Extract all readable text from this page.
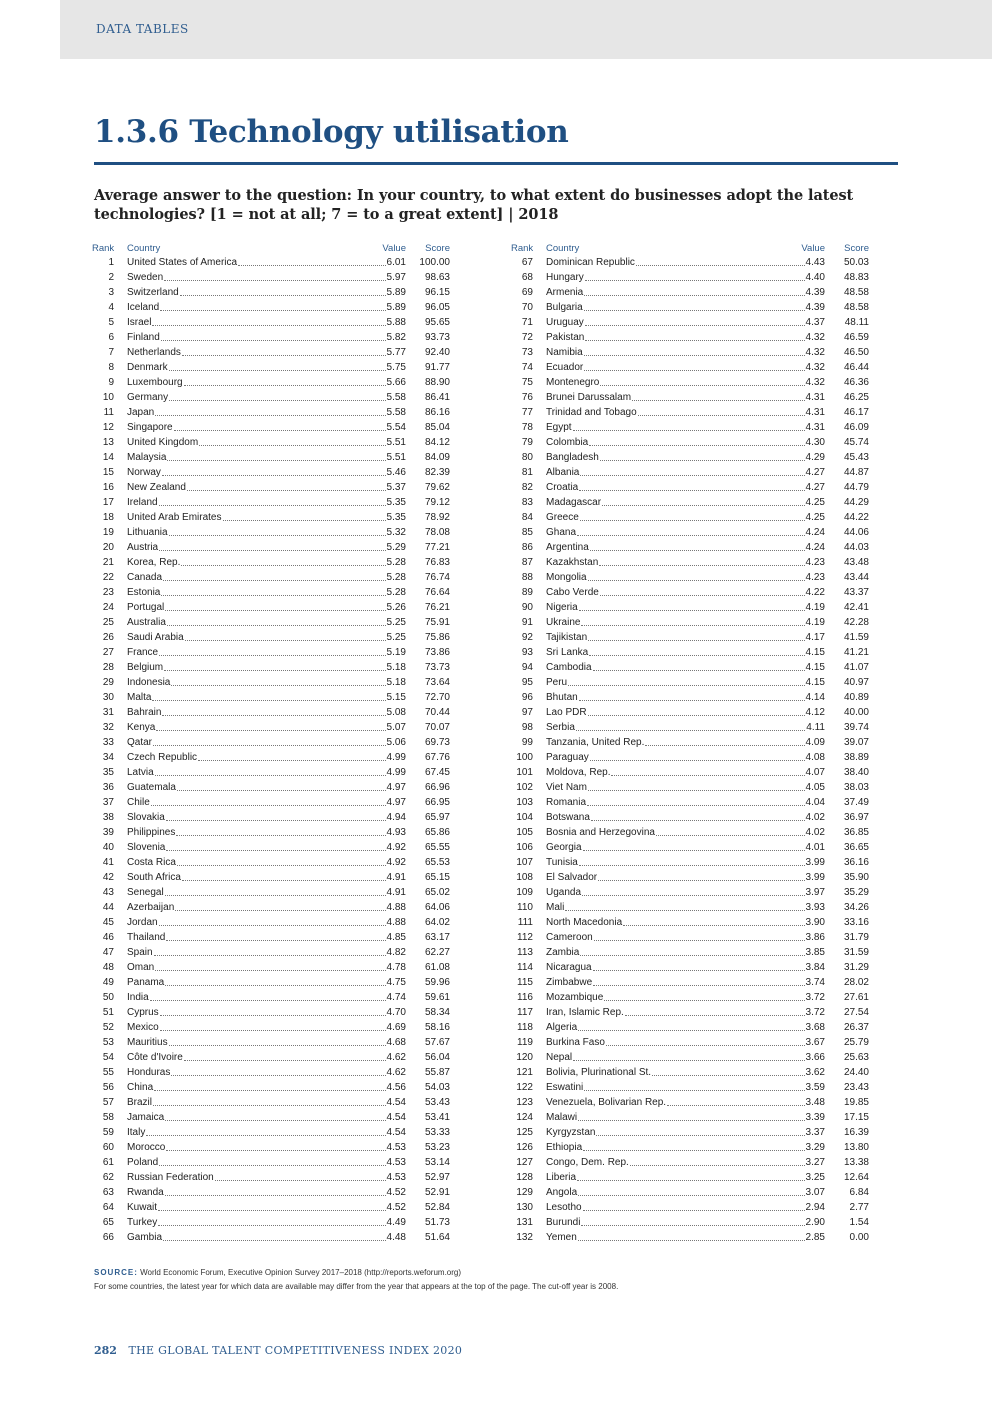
DATA TABLES
1.3.6 Technology utilisation
Average answer to the question: In your country, to what extent do businesses adopt the latest technologies? [1 = not at all; 7 = to a great extent] | 2018
Rank Country	Value	Score
1 United States of America	6.01	100.00
2 Sweden	5.97	98.63
3 Switzerland	5.89	96.15
4 Iceland	5.89	96.05
5 Israel	5.88	95.65
6 Finland	5.82	93.73
7 Netherlands	5.77	92.40
8 Denmark	5.75	91.77
9 Luxembourg	5.66	88.90
10 Germany	5.58	86.41
11 Japan	5.58	86.16
12 Singapore	5.54	85.04
13 United Kingdom	5.51	84.12
14 Malaysia	5.51	84.09
15 Norway	5.46	82.39
16 New Zealand	5.37	79.62
17 Ireland	5.35	79.12
18 United Arab Emirates	5.35	78.92
19 Lithuania	5.32	78.08
20 Austria	5.29	77.21
21 Korea, Rep.	5.28	76.83
22 Canada	5.28	76.74
23 Estonia	5.28	76.64
24 Portugal	5.26	76.21
25 Australia	5.25	75.91
26 Saudi Arabia	5.25	75.86
27 France	5.19	73.86
28 Belgium	5.18	73.73
29 Indonesia	5.18	73.64
30 Malta	5.15	72.70
31 Bahrain	5.08	70.44
32 Kenya	5.07	70.07
33 Qatar	5.06	69.73
34 Czech Republic	4.99	67.76
35 Latvia	4.99	67.45
36 Guatemala	4.97	66.96
37 Chile	4.97	66.95
38 Slovakia	4.94	65.97
39 Philippines	4.93	65.86
40 Slovenia	4.92	65.55
41 Costa Rica	4.92	65.53
42 South Africa	4.91	65.15
43 Senegal	4.91	65.02
44 Azerbaijan	4.88	64.06
45 Jordan	4.88	64.02
46 Thailand	4.85	63.17
47 Spain	4.82	62.27
48 Oman	4.78	61.08
49 Panama	4.75	59.96
50 India	4.74	59.61
51 Cyprus	4.70	58.34
52 Mexico	4.69	58.16
53 Mauritius	4.68	57.67
54 Côte d'Ivoire	4.62	56.04
55 Honduras	4.62	55.87
56 China	4.56	54.03
57 Brazil	4.54	53.43
58 Jamaica	4.54	53.41
59 Italy	4.54	53.33
60 Morocco	4.53	53.23
61 Poland	4.53	53.14
62 Russian Federation	4.53	52.97
63 Rwanda	4.52	52.91
64 Kuwait	4.52	52.84
65 Turkey	4.49	51.73
66 Gambia	4.48	51.64
Rank Country	Value	Score
67 Dominican Republic	4.43	50.03
68 Hungary	4.40	48.83
69 Armenia	4.39	48.58
70 Bulgaria	4.39	48.58
71 Uruguay	4.37	48.11
72 Pakistan	4.32	46.59
73 Namibia	4.32	46.50
74 Ecuador	4.32	46.44
75 Montenegro	4.32	46.36
76 Brunei Darussalam	4.31	46.25
77 Trinidad and Tobago	4.31	46.17
78 Egypt	4.31	46.09
79 Colombia	4.30	45.74
80 Bangladesh	4.29	45.43
81 Albania	4.27	44.87
82 Croatia	4.27	44.79
83 Madagascar	4.25	44.29
84 Greece	4.25	44.22
85 Ghana	4.24	44.06
86 Argentina	4.24	44.03
87 Kazakhstan	4.23	43.48
88 Mongolia	4.23	43.44
89 Cabo Verde	4.22	43.37
90 Nigeria	4.19	42.41
91 Ukraine	4.19	42.28
92 Tajikistan	4.17	41.59
93 Sri Lanka	4.15	41.21
94 Cambodia	4.15	41.07
95 Peru	4.15	40.97
96 Bhutan	4.14	40.89
97 Lao PDR	4.12	40.00
98 Serbia	4.11	39.74
99 Tanzania, United Rep.	4.09	39.07
100 Paraguay	4.08	38.89
101 Moldova, Rep.	4.07	38.40
102 Viet Nam	4.05	38.03
103 Romania	4.04	37.49
104 Botswana	4.02	36.97
105 Bosnia and Herzegovina	4.02	36.85
106 Georgia	4.01	36.65
107 Tunisia	3.99	36.16
108 El Salvador	3.99	35.90
109 Uganda	3.97	35.29
110 Mali	3.93	34.26
111 North Macedonia	3.90	33.16
112 Cameroon	3.86	31.79
113 Zambia	3.85	31.59
114 Nicaragua	3.84	31.29
115 Zimbabwe	3.74	28.02
116 Mozambique	3.72	27.61
117 Iran, Islamic Rep.	3.72	27.54
118 Algeria	3.68	26.37
119 Burkina Faso	3.67	25.79
120 Nepal	3.66	25.63
121 Bolivia, Plurinational St.	3.62	24.40
122 Eswatini	3.59	23.43
123 Venezuela, Bolivarian Rep.	3.48	19.85
124 Malawi	3.39	17.15
125 Kyrgyzstan	3.37	16.39
126 Ethiopia	3.29	13.80
127 Congo, Dem. Rep.	3.27	13.38
128 Liberia	3.25	12.64
129 Angola	3.07	6.84
130 Lesotho	2.94	2.77
131 Burundi	2.90	1.54
132 Yemen	2.85	0.00
SOURCE: World Economic Forum, Executive Opinion Survey 2017–2018 (http://reports.weforum.org)
For some countries, the latest year for which data are available may differ from the year that appears at the top of the page. The cut-off year is 2008.
282 THE GLOBAL TALENT COMPETITIVENESS INDEX 2020
